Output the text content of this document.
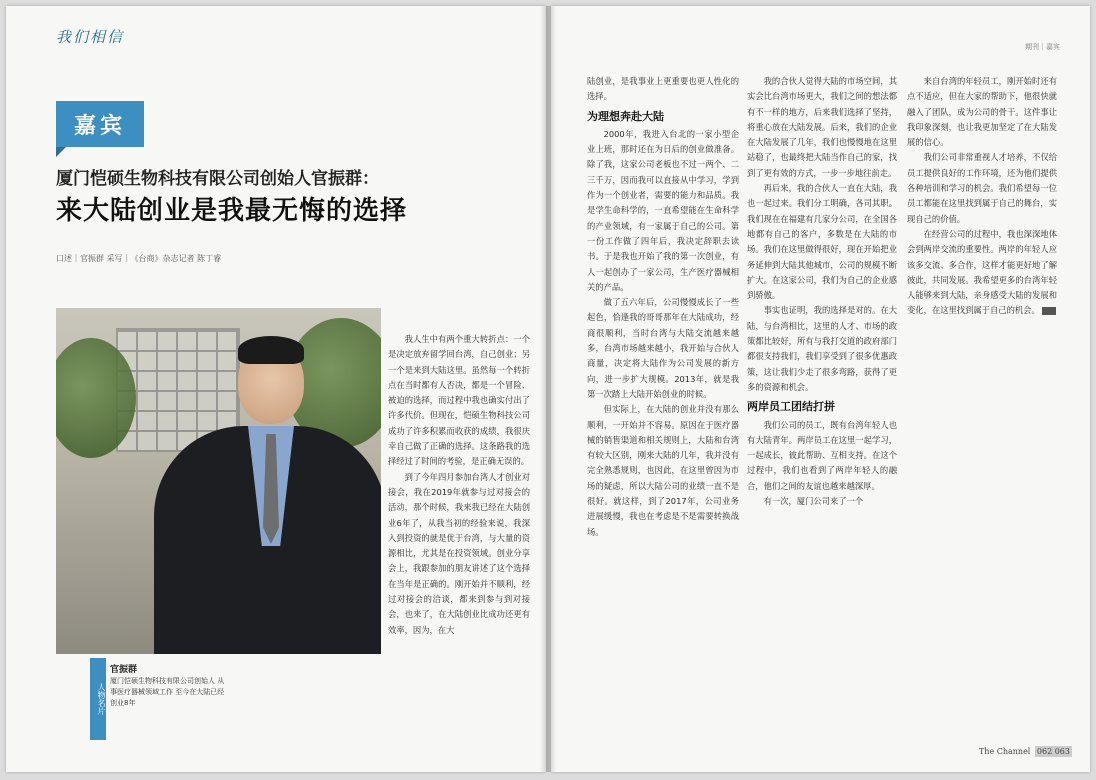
我们相信
嘉宾
厦门恺硕生物科技有限公司创始人官振群：
来大陆创业是我最无悔的选择
口述｜官振群 采写｜《台商》杂志记者 陈丁睿
人物名片
官振群
厦门恺硕生物科技有限公司创始人 从事医疗器械领域工作 至今在大陆已经创业8年

我人生中有两个重大转折点：一个是决定放弃留学回台湾，自己创业；另一个是来到大陆这里。虽然每一个转折点在当时都有人否决，都是一个冒险、被迫的选择，而过程中我也确实付出了许多代价。但现在，恺硕生物科技公司成功了许多积累而收获的成绩，我很庆幸自己做了正确的选择。这条路我的选择经过了时间的考验，是正确无误的。

到了今年四月参加台湾人才创业对接会，我在2019年就参与过对接会的活动，那个时候，我来我已经在大陆创业6年了，从我当初的经验来说，我深入到投资的就是优于台湾，与大量的资源相比，尤其是在投资领域。创业分享会上，我跟参加的朋友讲述了这个选择在当年是正确的。刚开始并不顺利，经过对接会的洽谈，都来到参与到对接会，也来了，在大陆创业比成功还更有效率，因为，在大

期刊｜嘉宾

陆创业，是我事业上更重要也更人性化的选择。

为理想奔赴大陆

2000年，我进入台北的一家小型企业上班，那时还在为日后的创业做准备。除了我，这家公司老板也不过一两个、二三千万，因而我可以直接从中学习，学到作为一个创业者，需要的能力和品质。我是学生命科学的，一直希望能在生命科学的产业领域，有一家属于自己的公司。第一份工作做了四年后，我决定辞职去读书。于是我也开始了我的第一次创业，有人一起创办了一家公司，生产医疗器械相关的产品。

做了五六年后，公司慢慢成长了一些起色，恰逢我的哥哥那年在大陆成功，经商很顺利，当时台湾与大陆交流越来越多，台湾市场越来越小，我开始与合伙人商量，决定将大陆作为公司发展的新方向，进一步扩大规模。2013年，就是我第一次踏上大陆开始创业的时候。

但实际上，在大陆的创业并没有那么顺利，一开始并不容易。原因在于医疗器械的销售渠道和相关规则上，大陆和台湾有较大区别，刚来大陆的几年，我并没有完全熟悉规则，也因此，在这里曾因为市场的疑虑，所以大陆公司的业绩一直不是很好。就这样，到了2017年，公司业务进展缓慢，我也在考虑是不是需要转换战场。

我的合伙人觉得大陆的市场空间，其实会比台湾市场更大，我们之间的想法都有不一样的地方，后来我们选择了坚持，将重心放在大陆发展。后来，我们的企业在大陆发展了几年，我们也慢慢地在这里站稳了，也最终把大陆当作自己的家，找到了更有效的方式，一步一步地往前走。

再后来，我的合伙人一直在大陆，我也一起过来。我们分工明确，各司其职。我们现在在福建有几家分公司，在全国各地都有自己的客户，多数是在大陆的市场。我们在这里做得很好，现在开始把业务延伸到大陆其他城市，公司的规模不断扩大。在这家公司，我们为自己的企业感到骄傲。

事实也证明，我的选择是对的。在大陆，与台湾相比，这里的人才、市场的政策都比较好，所有与我打交道的政府部门都很支持我们，我们享受到了很多优惠政策，这让我们少走了很多弯路，获得了更多的资源和机会。

两岸员工团结打拼

我们公司的员工，既有台湾年轻人也有大陆青年。两岸员工在这里一起学习，一起成长，彼此帮助、互相支持。在这个过程中，我们也看到了两岸年轻人的融合，他们之间的友谊也越来越深厚。

有一次，厦门公司来了一个

来自台湾的年轻员工，刚开始时还有点不适应，但在大家的帮助下，他很快就融入了团队，成为公司的骨干。这件事让我印象深刻，也让我更加坚定了在大陆发展的信心。

我们公司非常重视人才培养，不仅给员工提供良好的工作环境，还为他们提供各种培训和学习的机会。我们希望每一位员工都能在这里找到属于自己的舞台，实现自己的价值。

在经营公司的过程中，我也深深地体会到两岸交流的重要性。两岸的年轻人应该多交流、多合作，这样才能更好地了解彼此，共同发展。我希望更多的台湾年轻人能够来到大陆，亲身感受大陆的发展和变化，在这里找到属于自己的机会。

The Channel 062 063
